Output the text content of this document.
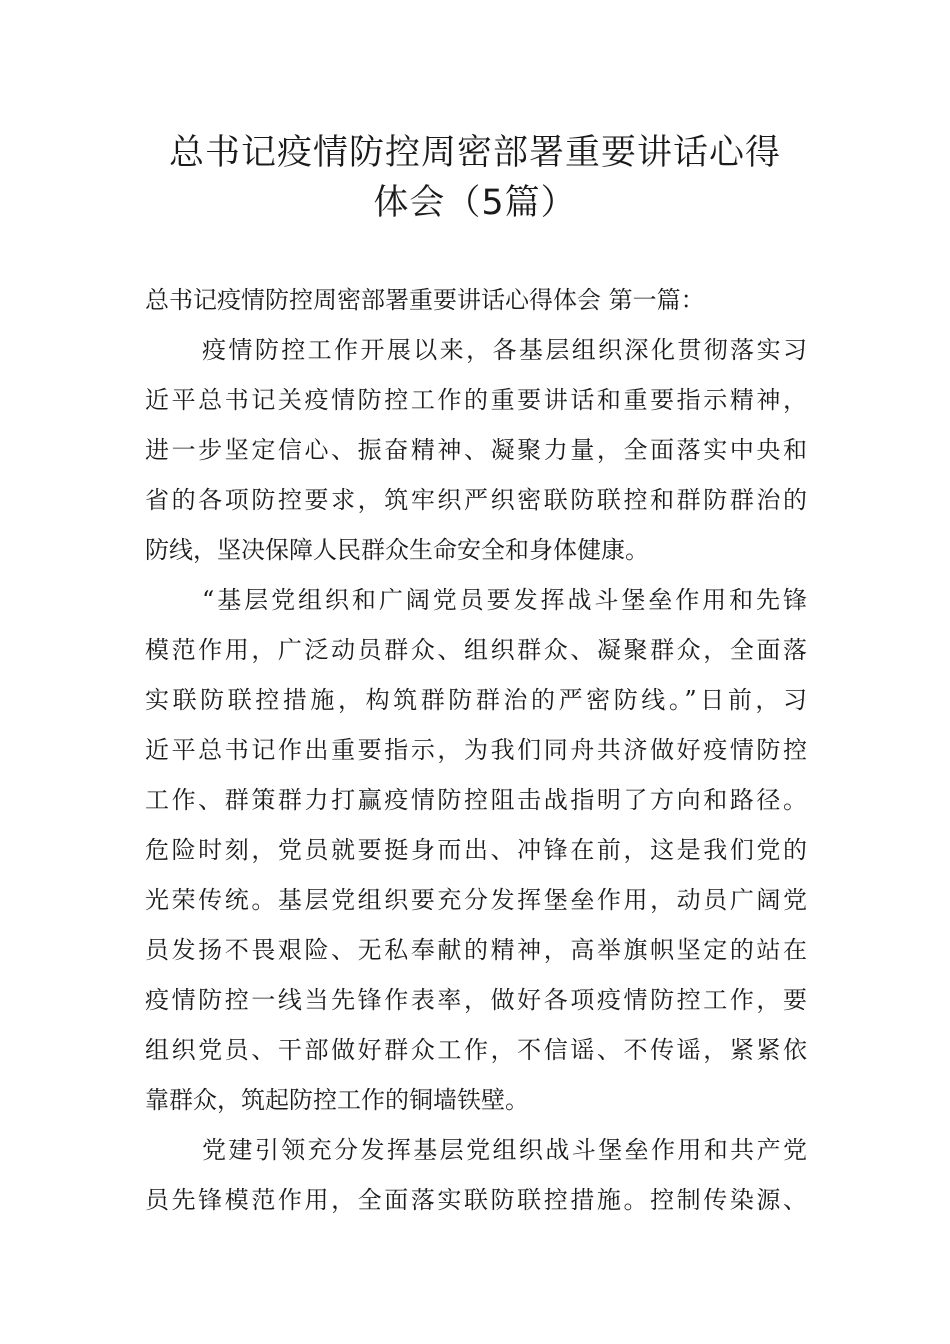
总书记疫情防控周密部署重要讲话心得
体会（5篇）

总书记疫情防控周密部署重要讲话心得体会 第一篇：

疫情防控工作开展以来，各基层组织深化贯彻落实习

近平总书记关疫情防控工作的重要讲话和重要指示精神，

进一步坚定信心、振奋精神、凝聚力量，全面落实中央和

省的各项防控要求，筑牢织严织密联防联控和群防群治的

防线，坚决保障人民群众生命安全和身体健康。

“基层党组织和广阔党员要发挥战斗堡垒作用和先锋

模范作用，广泛动员群众、组织群众、凝聚群众，全面落

实联防联控措施，构筑群防群治的严密防线。”日前，习

近平总书记作出重要指示，为我们同舟共济做好疫情防控

工作、群策群力打赢疫情防控阻击战指明了方向和路径。

危险时刻，党员就要挺身而出、冲锋在前，这是我们党的

光荣传统。基层党组织要充分发挥堡垒作用，动员广阔党

员发扬不畏艰险、无私奉献的精神，高举旗帜坚定的站在

疫情防控一线当先锋作表率，做好各项疫情防控工作，要

组织党员、干部做好群众工作，不信谣、不传谣，紧紧依

靠群众，筑起防控工作的铜墙铁壁。

党建引领充分发挥基层党组织战斗堡垒作用和共产党

员先锋模范作用，全面落实联防联控措施。控制传染源、
